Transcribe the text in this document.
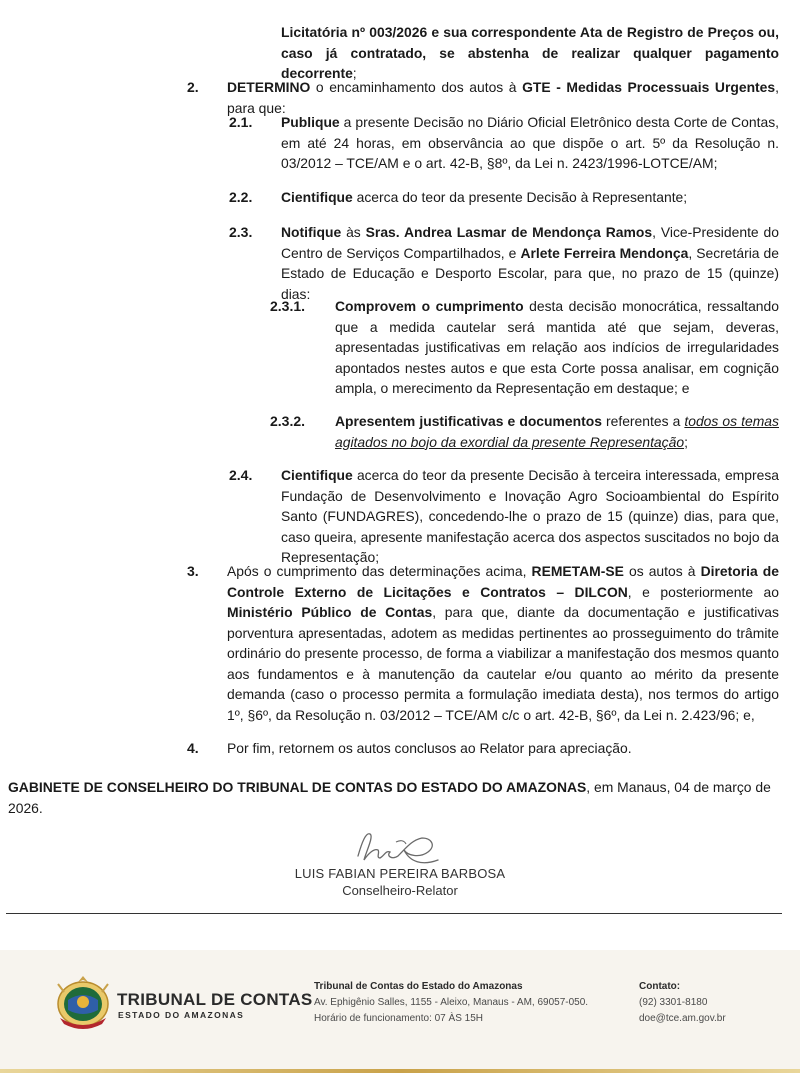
Licitatória nº 003/2026 e sua correspondente Ata de Registro de Preços ou, caso já contratado, se abstenha de realizar qualquer pagamento decorrente;
2. DETERMINO o encaminhamento dos autos à GTE - Medidas Processuais Urgentes, para que:
2.1. Publique a presente Decisão no Diário Oficial Eletrônico desta Corte de Contas, em até 24 horas, em observância ao que dispõe o art. 5º da Resolução n. 03/2012 – TCE/AM e o art. 42-B, §8º, da Lei n. 2423/1996-LOTCE/AM;
2.2. Cientifique acerca do teor da presente Decisão à Representante;
2.3. Notifique às Sras. Andrea Lasmar de Mendonça Ramos, Vice-Presidente do Centro de Serviços Compartilhados, e Arlete Ferreira Mendonça, Secretária de Estado de Educação e Desporto Escolar, para que, no prazo de 15 (quinze) dias:
2.3.1. Comprovem o cumprimento desta decisão monocrática, ressaltando que a medida cautelar será mantida até que sejam, deveras, apresentadas justificativas em relação aos indícios de irregularidades apontados nestes autos e que esta Corte possa analisar, em cognição ampla, o merecimento da Representação em destaque; e
2.3.2. Apresentem justificativas e documentos referentes a todos os temas agitados no bojo da exordial da presente Representação;
2.4. Cientifique acerca do teor da presente Decisão à terceira interessada, empresa Fundação de Desenvolvimento e Inovação Agro Socioambiental do Espírito Santo (FUNDAGRES), concedendo-lhe o prazo de 15 (quinze) dias, para que, caso queira, apresente manifestação acerca dos aspectos suscitados no bojo da Representação;
3. Após o cumprimento das determinações acima, REMETAM-SE os autos à Diretoria de Controle Externo de Licitações e Contratos – DILCON, e posteriormente ao Ministério Público de Contas, para que, diante da documentação e justificativas porventura apresentadas, adotem as medidas pertinentes ao prosseguimento do trâmite ordinário do presente processo, de forma a viabilizar a manifestação dos mesmos quanto aos fundamentos e à manutenção da cautelar e/ou quanto ao mérito da presente demanda (caso o processo permita a formulação imediata desta), nos termos do artigo 1º, §6º, da Resolução n. 03/2012 – TCE/AM c/c o art. 42-B, §6º, da Lei n. 2.423/96; e,
4. Por fim, retornem os autos conclusos ao Relator para apreciação.
GABINETE DE CONSELHEIRO DO TRIBUNAL DE CONTAS DO ESTADO DO AMAZONAS, em Manaus, 04 de março de 2026.
LUIS FABIAN PEREIRA BARBOSA
Conselheiro-Relator
TRIBUNAL DE CONTAS
ESTADO DO AMAZONAS
Tribunal de Contas do Estado do Amazonas
Av. Ephigênio Salles, 1155 - Aleixo, Manaus - AM, 69057-050.
Horário de funcionamento: 07 ÀS 15H
Contato:
(92) 3301-8180
doe@tce.am.gov.br
